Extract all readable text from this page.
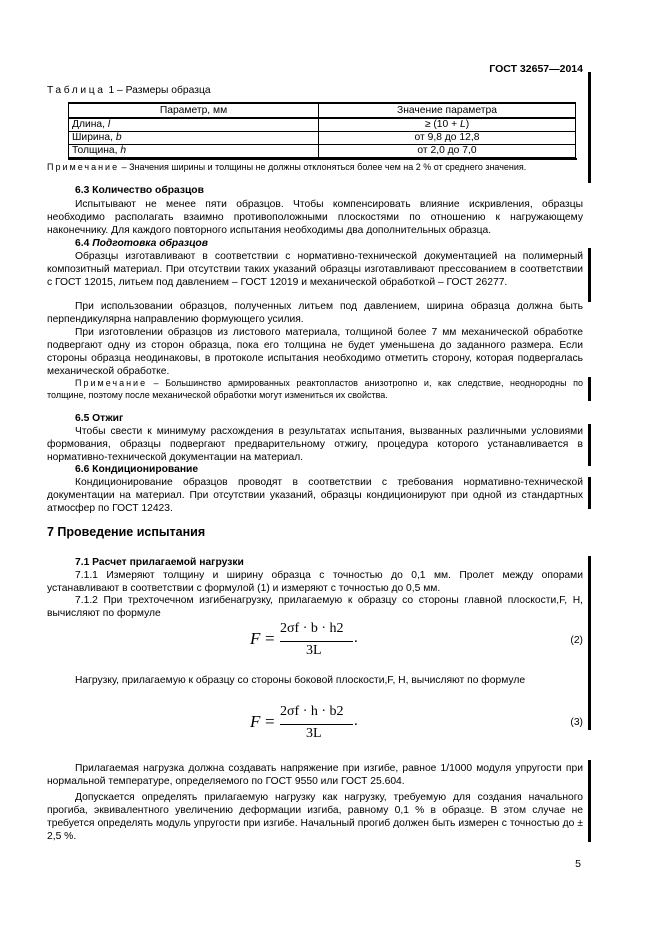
ГОСТ 32657—2014
Таблица 1 – Размеры образца
Параметр, мм	Значение параметра
Длина, l	≥ (10 + L)
Ширина, b	от 9,8 до 12,8
Толщина, h	от 2,0 до 7,0
Примечание – Значения ширины и толщины не должны отклоняться более чем на 2 % от среднего значения.
6.3 Количество образцов
Испытывают не менее пяти образцов. Чтобы компенсировать влияние искривления, образцы необходимо располагать взаимно противоположными плоскостями по отношению к нагружающему наконечнику. Для каждого повторного испытания необходимы два дополнительных образца.
6.4 Подготовка образцов
Образцы изготавливают в соответствии с нормативно-технической документацией на полимерный композитный материал. При отсутствии таких указаний образцы изготавливают прессованием в соответствии с ГОСТ 12015, литьем под давлением – ГОСТ 12019 и механической обработкой – ГОСТ 26277.
При использовании образцов, полученных литьем под давлением, ширина образца должна быть перпендикулярна направлению формующего усилия.
При изготовлении образцов из листового материала, толщиной более 7 мм механической обработке подвергают одну из сторон образца, пока его толщина не будет уменьшена до заданного размера. Если стороны образца неодинаковы, в протоколе испытания необходимо отметить сторону, которая подвергалась механической обработке.
Примечание – Большинство армированных реактопластов анизотропно и, как следствие, неоднородны по толщине, поэтому после механической обработки могут измениться их свойства.
6.5 Отжиг
Чтобы свести к минимуму расхождения в результатах испытания, вызванных различными условиями формования, образцы подвергают предварительному отжигу, процедура которого устанавливается в нормативно-технической документации на материал.
6.6 Кондиционирование
Кондиционирование образцов проводят в соответствии с требования нормативно-технической документации на материал. При отсутствии указаний, образцы кондиционируют при одной из стандартных атмосфер по ГОСТ 12423.
7 Проведение испытания
7.1 Расчет прилагаемой нагрузки
7.1.1 Измеряют толщину и ширину образца с точностью до 0,1 мм. Пролет между опорами устанавливают в соответствии с формулой (1) и измеряют с точностью до 0,5 мм.
7.1.2 При трехточечном изгибенагрузку, прилагаемую к образцу со стороны главной плоскости,F, Н, вычисляют по формуле
F =
2σf · b · h2
3L
.	(2)
Нагрузку, прилагаемую к образцу со стороны боковой плоскости,F, Н, вычисляют по формуле
F =
2σf · h · b2
3L
.	(3)
Прилагаемая нагрузка должна создавать напряжение при изгибе, равное 1/1000 модуля упругости при нормальной температуре, определяемого по ГОСТ 9550 или ГОСТ 25.604.
Допускается определять прилагаемую нагрузку как нагрузку, требуемую для создания начального прогиба, эквивалентного увеличению деформации изгиба, равному 0,1 % в образце. В этом случае не требуется определять модуль упругости при изгибе. Начальный прогиб должен быть измерен с точностью до ± 2,5 %.
5
